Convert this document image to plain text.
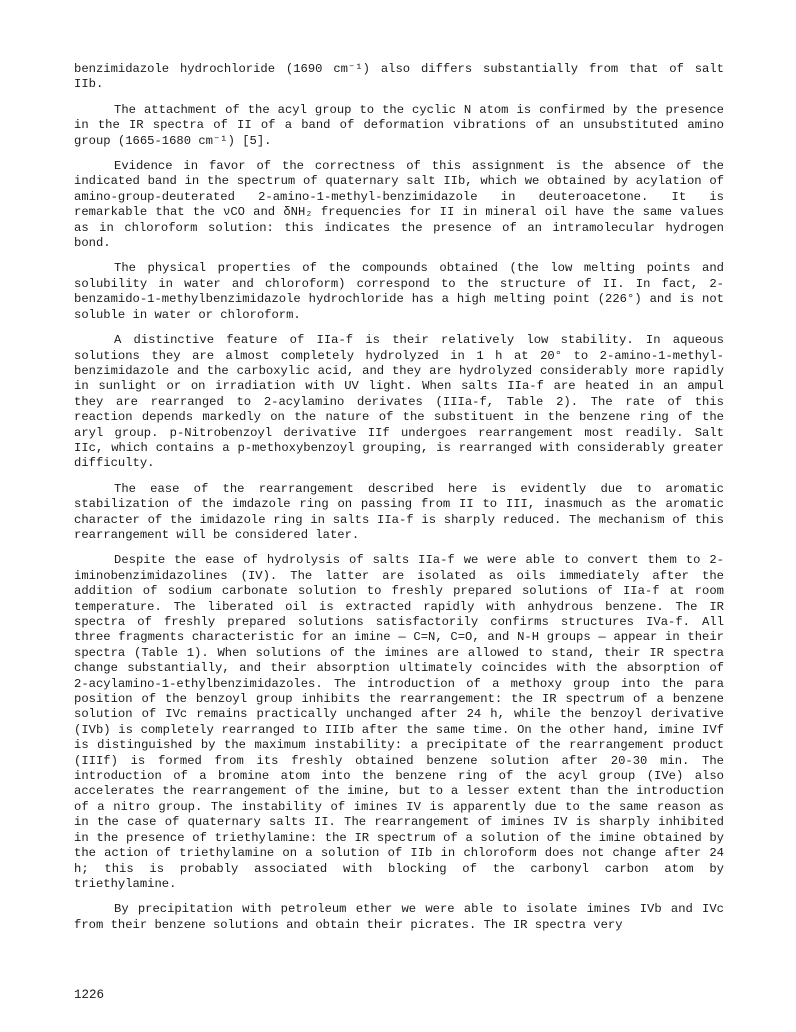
benzimidazole hydrochloride (1690 cm⁻¹) also differs substantially from that of salt IIb.

The attachment of the acyl group to the cyclic N atom is confirmed by the presence in the IR spectra of II of a band of deformation vibrations of an unsubstituted amino group (1665-1680 cm⁻¹) [5].

Evidence in favor of the correctness of this assignment is the absence of the indicated band in the spectrum of quaternary salt IIb, which we obtained by acylation of amino-group-deuterated 2-amino-1-methyl-benzimidazole in deuteroacetone. It is remarkable that the νCO and δNH₂ frequencies for II in mineral oil have the same values as in chloroform solution: this indicates the presence of an intramolecular hydrogen bond.

The physical properties of the compounds obtained (the low melting points and solubility in water and chloroform) correspond to the structure of II. In fact, 2-benzamido-1-methylbenzimidazole hydrochloride has a high melting point (226°) and is not soluble in water or chloroform.

A distinctive feature of IIa-f is their relatively low stability. In aqueous solutions they are almost completely hydrolyzed in 1 h at 20° to 2-amino-1-methyl-benzimidazole and the carboxylic acid, and they are hydrolyzed considerably more rapidly in sunlight or on irradiation with UV light. When salts IIa-f are heated in an ampul they are rearranged to 2-acylamino derivates (IIIa-f, Table 2). The rate of this reaction depends markedly on the nature of the substituent in the benzene ring of the aryl group. p-Nitrobenzoyl derivative IIf undergoes rearrangement most readily. Salt IIc, which contains a p-methoxybenzoyl grouping, is rearranged with considerably greater difficulty.

The ease of the rearrangement described here is evidently due to aromatic stabilization of the imdazole ring on passing from II to III, inasmuch as the aromatic character of the imidazole ring in salts IIa-f is sharply reduced. The mechanism of this rearrangement will be considered later.

Despite the ease of hydrolysis of salts IIa-f we were able to convert them to 2-iminobenzimidazolines (IV). The latter are isolated as oils immediately after the addition of sodium carbonate solution to freshly prepared solutions of IIa-f at room temperature. The liberated oil is extracted rapidly with anhydrous benzene. The IR spectra of freshly prepared solutions satisfactorily confirms structures IVa-f. All three fragments characteristic for an imine — C=N, C=O, and N-H groups — appear in their spectra (Table 1). When solutions of the imines are allowed to stand, their IR spectra change substantially, and their absorption ultimately coincides with the absorption of 2-acylamino-1-ethylbenzimidazoles. The introduction of a methoxy group into the para position of the benzoyl group inhibits the rearrangement: the IR spectrum of a benzene solution of IVc remains practically unchanged after 24 h, while the benzoyl derivative (IVb) is completely rearranged to IIIb after the same time. On the other hand, imine IVf is distinguished by the maximum instability: a precipitate of the rearrangement product (IIIf) is formed from its freshly obtained benzene solution after 20-30 min. The introduction of a bromine atom into the benzene ring of the acyl group (IVe) also accelerates the rearrangement of the imine, but to a lesser extent than the introduction of a nitro group. The instability of imines IV is apparently due to the same reason as in the case of quaternary salts II. The rearrangement of imines IV is sharply inhibited in the presence of triethylamine: the IR spectrum of a solution of the imine obtained by the action of triethylamine on a solution of IIb in chloroform does not change after 24 h; this is probably associated with blocking of the carbonyl carbon atom by triethylamine.

By precipitation with petroleum ether we were able to isolate imines IVb and IVc from their benzene solutions and obtain their picrates. The IR spectra very

1226
